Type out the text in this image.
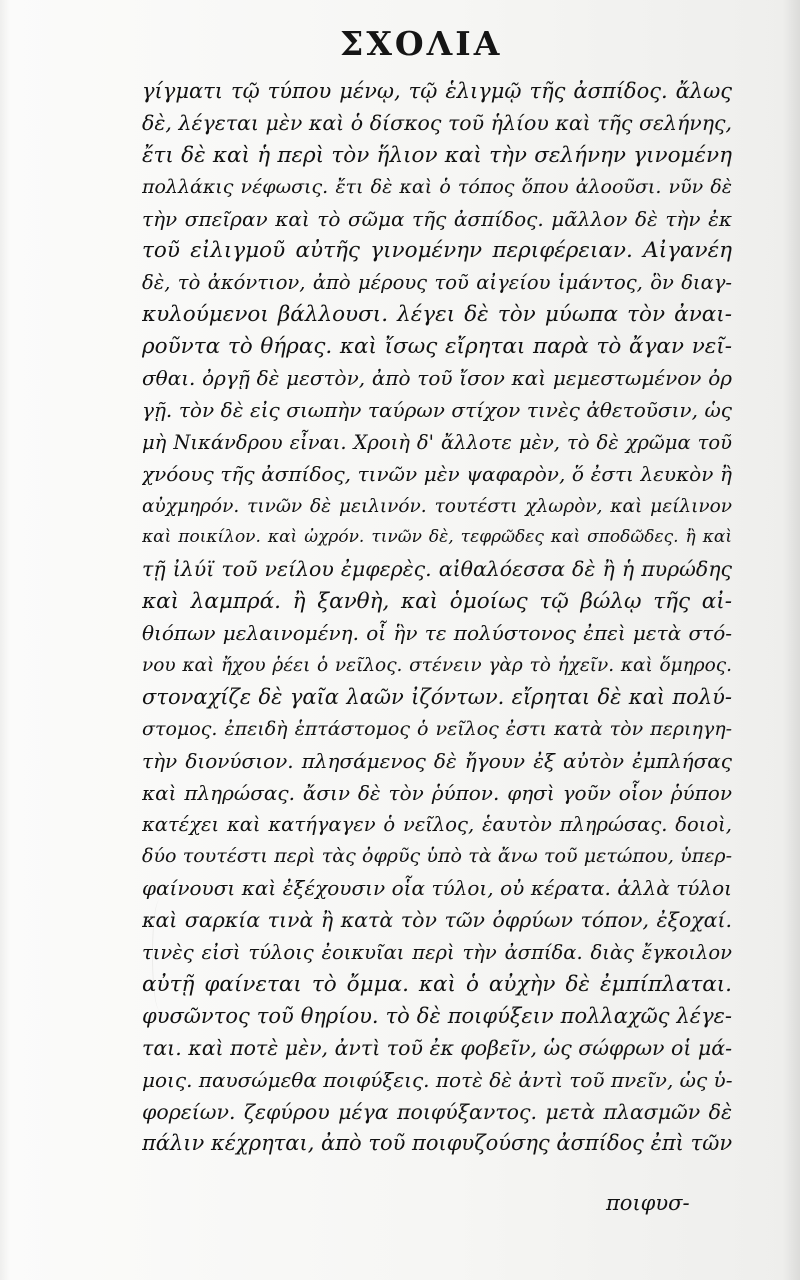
ΣΧΟΛΙΑ
γίγματι τῷ τύπου μένῳ, τῷ ἑλιγμῷ τῆς ἀσπίδος. ἄλως
δὲ, λέγεται μὲν καὶ ὁ δίσκος τοῦ ἡλίου καὶ τῆς σελήνης,
ἔτι δὲ καὶ ἡ περὶ τὸν ἥλιον καὶ τὴν σελήνην γινομένη
πολλάκις νέφωσις. ἔτι δὲ καὶ ὁ τόπος ὅπου ἀλοοῦσι. νῦν δὲ
τὴν σπεῖραν καὶ τὸ σῶμα τῆς ἀσπίδος. μᾶλλον δὲ τὴν ἐκ
τοῦ εἰλιγμοῦ αὐτῆς γινομένην περιφέρειαν. Αἰγανέη
δὲ, τὸ ἀκόντιον, ἀπὸ μέρους τοῦ αἰγείου ἱμάντος, ὃν διαγ-
κυλούμενοι βάλλουσι. λέγει δὲ τὸν μύωπα τὸν ἀναι-
ροῦντα τὸ θήρας. καὶ ἴσως εἴρηται παρὰ τὸ ἄγαν νεῖ-
σθαι. ὀργῇ δὲ μεστὸν, ἀπὸ τοῦ ἴσον καὶ μεμεστωμένον ὀρ
γῇ. τὸν δὲ εἰς σιωπὴν ταύρων στίχον τινὲς ἀθετοῦσιν, ὡς
μὴ Νικάνδρου εἶναι. Χροιὴ δ' ἄλλοτε μὲν, τὸ δὲ χρῶμα τοῦ
χνόους τῆς ἀσπίδος, τινῶν μὲν ψαφαρὸν, ὅ ἐστι λευκὸν ἢ
αὐχμηρόν. τινῶν δὲ μειλινόν. τουτέστι χλωρὸν, καὶ μείλινον
καὶ ποικίλον. καὶ ὠχρόν. τινῶν δὲ, τεφρῶδες καὶ σποδῶδες. ἢ καὶ
τῇ ἰλύϊ τοῦ νείλου ἐμφερὲς. αἰθαλόεσσα δὲ ἢ ἡ πυρώδης
καὶ λαμπρά. ἢ ξανθὴ, καὶ ὁμοίως τῷ βώλῳ τῆς αἰ-
θιόπων μελαινομένη. οἷ ἣν τε πολύστονος ἐπεὶ μετὰ στό-
νου καὶ ἤχου ῥέει ὁ νεῖλος. στένειν γὰρ τὸ ἠχεῖν. καὶ ὅμηρος.
στοναχίζε δὲ γαῖα λαῶν ἰζόντων. εἴρηται δὲ καὶ πολύ-
στομος. ἐπειδὴ ἑπτάστομος ὁ νεῖλος ἐστι κατὰ τὸν περιηγη-
τὴν διονύσιον. πλησάμενος δὲ ἤγουν ἐξ αὐτὸν ἐμπλήσας
καὶ πληρώσας. ἄσιν δὲ τὸν ῥύπον. φησὶ γοῦν οἷον ῥύπον
κατέχει καὶ κατήγαγεν ὁ νεῖλος, ἑαυτὸν πληρώσας. δοιοὶ,
δύο τουτέστι περὶ τὰς ὀφρῦς ὑπὸ τὰ ἄνω τοῦ μετώπου, ὑπερ-
φαίνουσι καὶ ἐξέχουσιν οἷα τύλοι, οὐ κέρατα. ἀλλὰ τύλοι
καὶ σαρκία τινὰ ἢ κατὰ τὸν τῶν ὀφρύων τόπον, ἐξοχαί.
τινὲς εἰσὶ τύλοις ἐοικυῖαι περὶ τὴν ἀσπίδα. διὰς ἔγκοιλον
αὐτῇ φαίνεται τὸ ὄμμα. καὶ ὁ αὐχὴν δὲ ἐμπίπλαται.
φυσῶντος τοῦ θηρίου. τὸ δὲ ποιφύξειν πολλαχῶς λέγε-
ται. καὶ ποτὲ μὲν, ἀντὶ τοῦ ἐκ φοβεῖν, ὡς σώφρων οἱ μά-
μοις. παυσώμεθα ποιφύξεις. ποτὲ δὲ ἀντὶ τοῦ πνεῖν, ὡς ὑ-
φορείων. ζεφύρου μέγα ποιφύξαντος. μετὰ πλασμῶν δὲ
πάλιν κέχρηται, ἀπὸ τοῦ ποιφυζούσης ἀσπίδος ἐπὶ τῶν
ποιφυσ-
